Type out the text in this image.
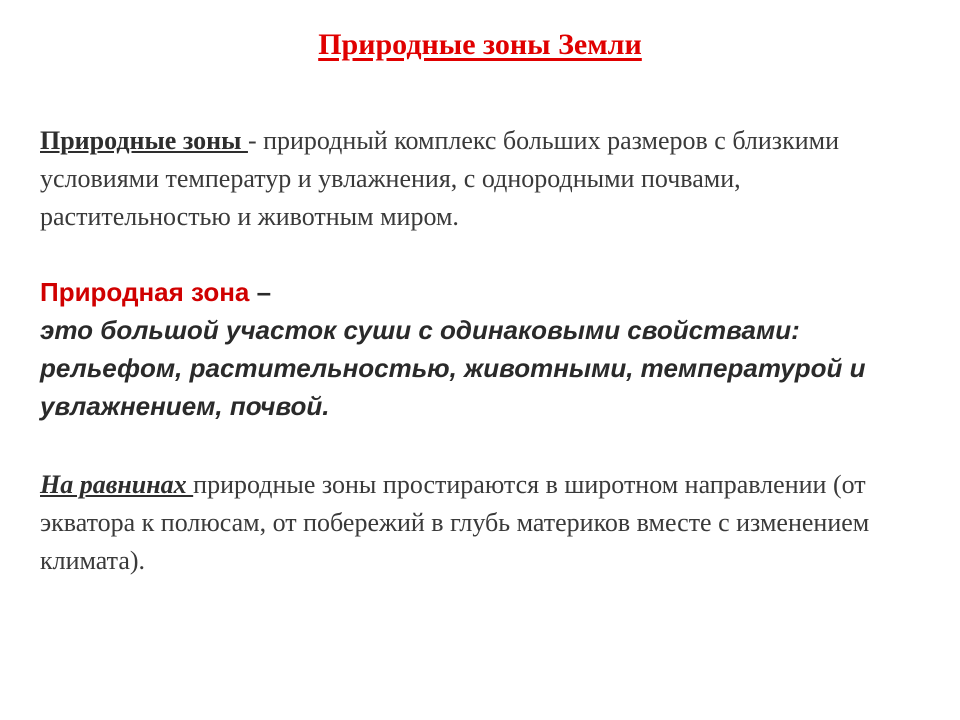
Природные зоны Земли
Природные зоны - природный комплекс больших размеров с близкими условиями температур и увлажнения, с однородными почвами, растительностью и животным миром.
Природная зона –
это большой участок суши с одинаковыми свойствами: рельефом, растительностью, животными, температурой и увлажнением, почвой.
На равнинах природные зоны простираются в широтном направлении (от экватора к полюсам, от побережий в глубь материков вместе с изменением климата).
